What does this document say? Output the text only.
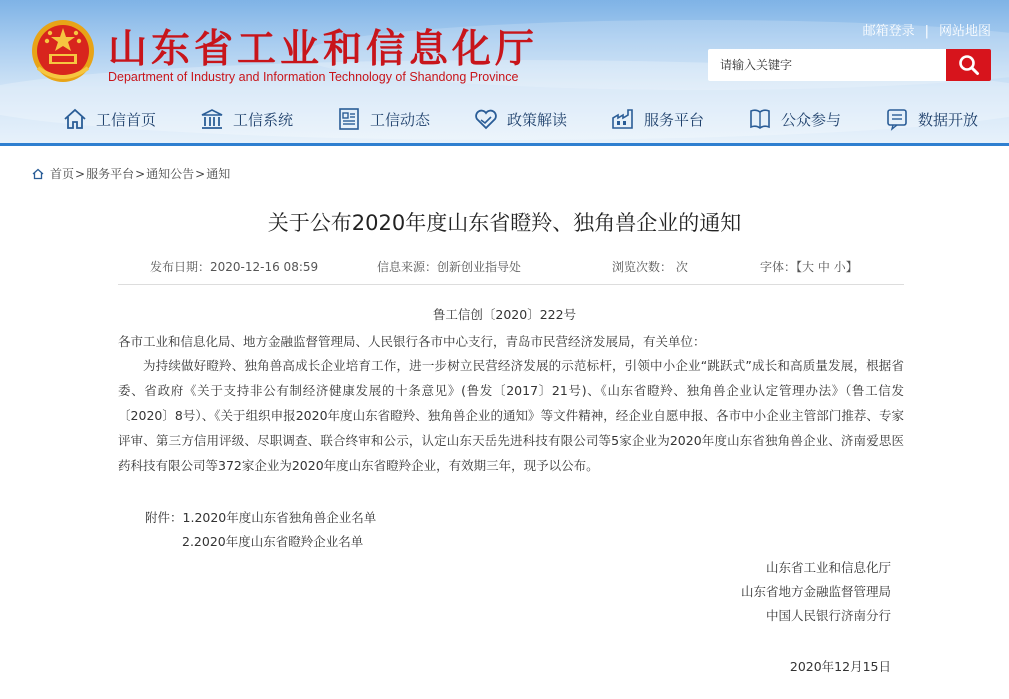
山东省工业和信息化厅
Department of Industry and Information Technology of Shandong Province
邮箱登录 | 网站地图
请输入关键字
工信首页	工信系统	工信动态	政策解读	服务平台	公众参与	数据开放
首页 > 服务平台 > 通知公告 > 通知
关于公布2020年度山东省瞪羚、独角兽企业的通知
发布日期：2020-12-16 08:59	信息来源：创新创业指导处	浏览次数： 次	字体：【大 中 小】
鲁工信创〔2020〕222号

各市工业和信息化局、地方金融监督管理局、人民银行各市中心支行，青岛市民营经济发展局，有关单位：

为持续做好瞪羚、独角兽高成长企业培育工作，进一步树立民营经济发展的示范标杆，引领中小企业“跳跃式”成长和高质量发展，根据省委、省政府《关于支持非公有制经济健康发展的十条意见》(鲁发〔2017〕21号)、《山东省瞪羚、独角兽企业认定管理办法》（鲁工信发〔2020〕8号）、《关于组织申报2020年度山东省瞪羚、独角兽企业的通知》等文件精神，经企业自愿申报、各市中小企业主管部门推荐、专家评审、第三方信用评级、尽职调查、联合终审和公示，认定山东天岳先进科技有限公司等5家企业为2020年度山东省独角兽企业、济南爱思医药科技有限公司等372家企业为2020年度山东省瞪羚企业，有效期三年，现予以公布。

附件：1.2020年度山东省独角兽企业名单
2.2020年度山东省瞪羚企业名单
山东省工业和信息化厅
山东省地方金融监督管理局
中国人民银行济南分行
2020年12月15日
